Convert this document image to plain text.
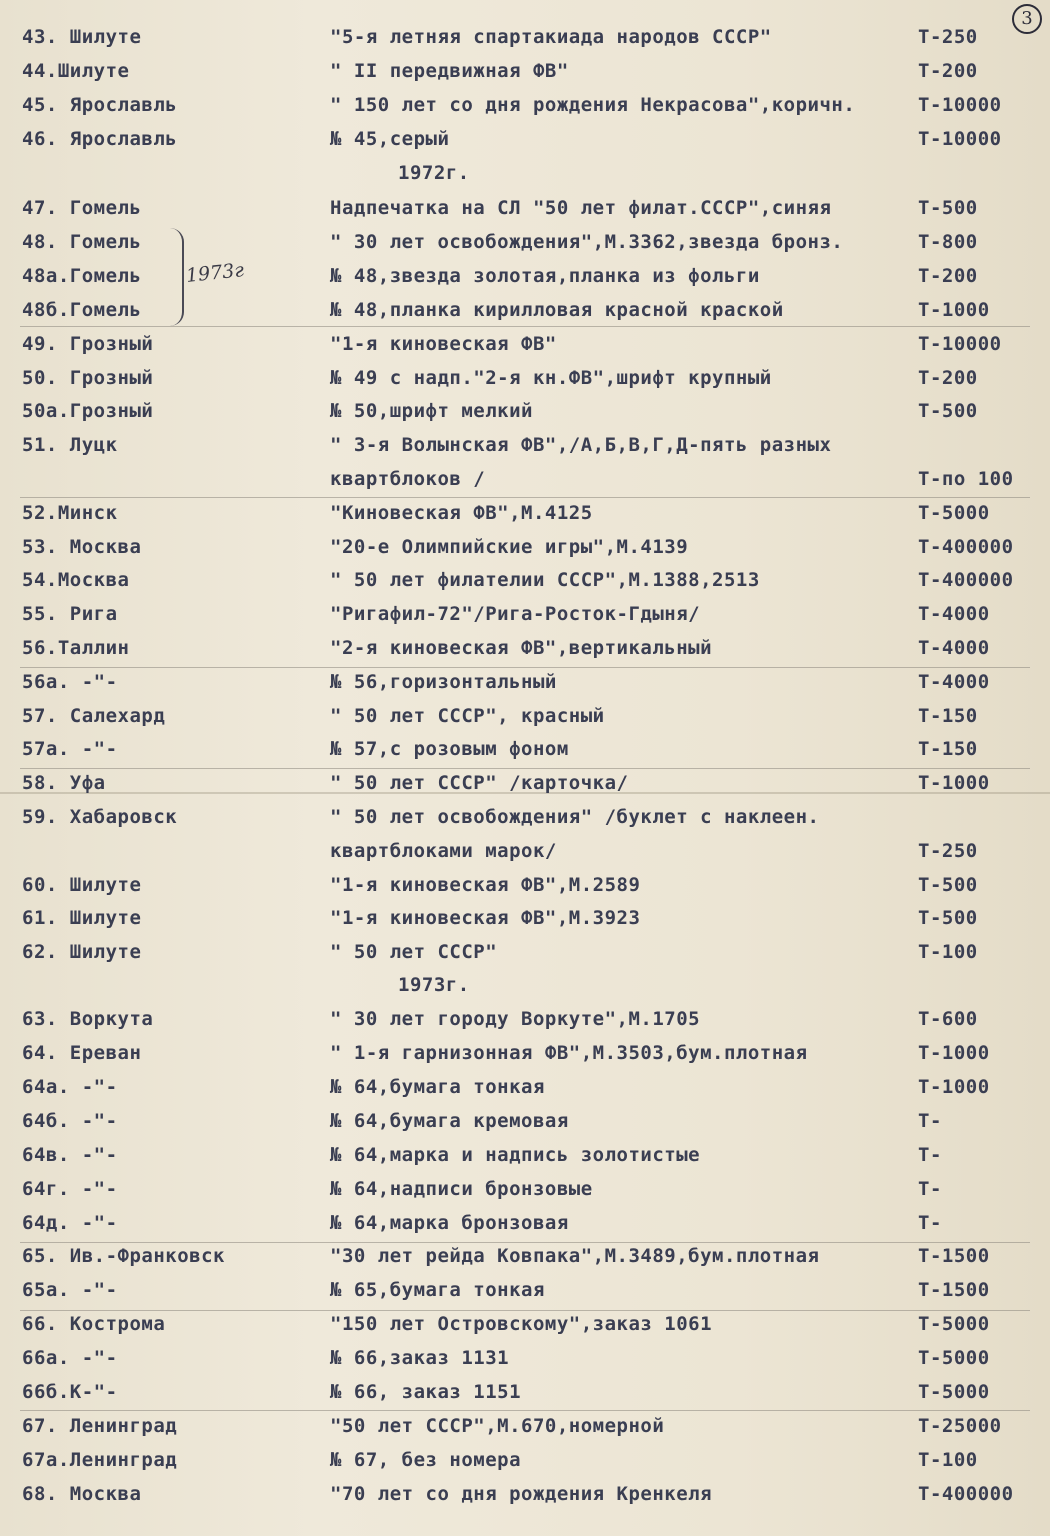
3
43. Шилуте	"5-я летняя спартакиада народов СССР"	Т-250
44.Шилуте	" II передвижная ФВ"	Т-200
45. Ярославль	" 150 лет со дня рождения Некрасова",коричн.	Т-10000
46. Ярославль	№ 45,серый	Т-10000
47. Гомель	Надпечатка на СЛ "50 лет филат.СССР",синяя	Т-500
48. Гомель	" 30 лет освобождения",М.3362,звезда бронз.	Т-800
48а.Гомель	№ 48,звезда золотая,планка из фольги	Т-200
48б.Гомель	№ 48,планка кирилловая красной краской	Т-1000
49. Грозный	"1-я киновеская ФВ"	Т-10000
50. Грозный	№ 49 с надп."2-я кн.ФВ",шрифт крупный	Т-200
50а.Грозный	№ 50,шрифт мелкий	Т-500
51. Луцк	" 3-я Волынская ФВ",/А,Б,В,Г,Д-пять разных
квартблоков /	Т-по 100
52.Минск	"Киновеская ФВ",М.4125	Т-5000
53. Москва	"20-е Олимпийские игры",М.4139	Т-400000
54.Москва	" 50 лет филателии СССР",М.1388,2513	Т-400000
55. Рига	"Ригафил-72"/Рига-Росток-Гдыня/	Т-4000
56.Таллин	"2-я киновеская ФВ",вертикальный	Т-4000
56а. -"-	№ 56,горизонтальный	Т-4000
57. Салехард	" 50 лет СССР", красный	Т-150
57а. -"-	№ 57,с розовым фоном	Т-150
58. Уфа	" 50 лет СССР" /карточка/	Т-1000
59. Хабаровск	" 50 лет освобождения" /буклет с наклеен.
квартблоками марок/	Т-250
60. Шилуте	"1-я киновеская ФВ",М.2589	Т-500
61. Шилуте	"1-я киновеская ФВ",М.3923	Т-500
62. Шилуте	" 50 лет СССР"	Т-100
63. Воркута	" 30 лет городу Воркуте",М.1705	Т-600
64. Ереван	" 1-я гарнизонная ФВ",М.3503,бум.плотная	Т-1000
64а. -"-	№ 64,бумага тонкая	Т-1000
64б. -"-	№ 64,бумага кремовая	Т-
64в. -"-	№ 64,марка и надпись золотистые	Т-
64г. -"-	№ 64,надписи бронзовые	Т-
64д. -"-	№ 64,марка бронзовая	Т-
65. Ив.-Франковск	"30 лет рейда Ковпака",М.3489,бум.плотная	Т-1500
65а. -"-	№ 65,бумага тонкая	Т-1500
66. Кострома	"150 лет Островскому",заказ 1061	Т-5000
66а. -"-	№ 66,заказ 1131	Т-5000
66б.К-"-	№ 66, заказ 1151	Т-5000
67. Ленинград	"50 лет СССР",М.670,номерной	Т-25000
67а.Ленинград	№ 67, без номера	Т-100
68. Москва	"70 лет со дня рождения Кренкеля	Т-400000
1972г.
1973г.
1973г
